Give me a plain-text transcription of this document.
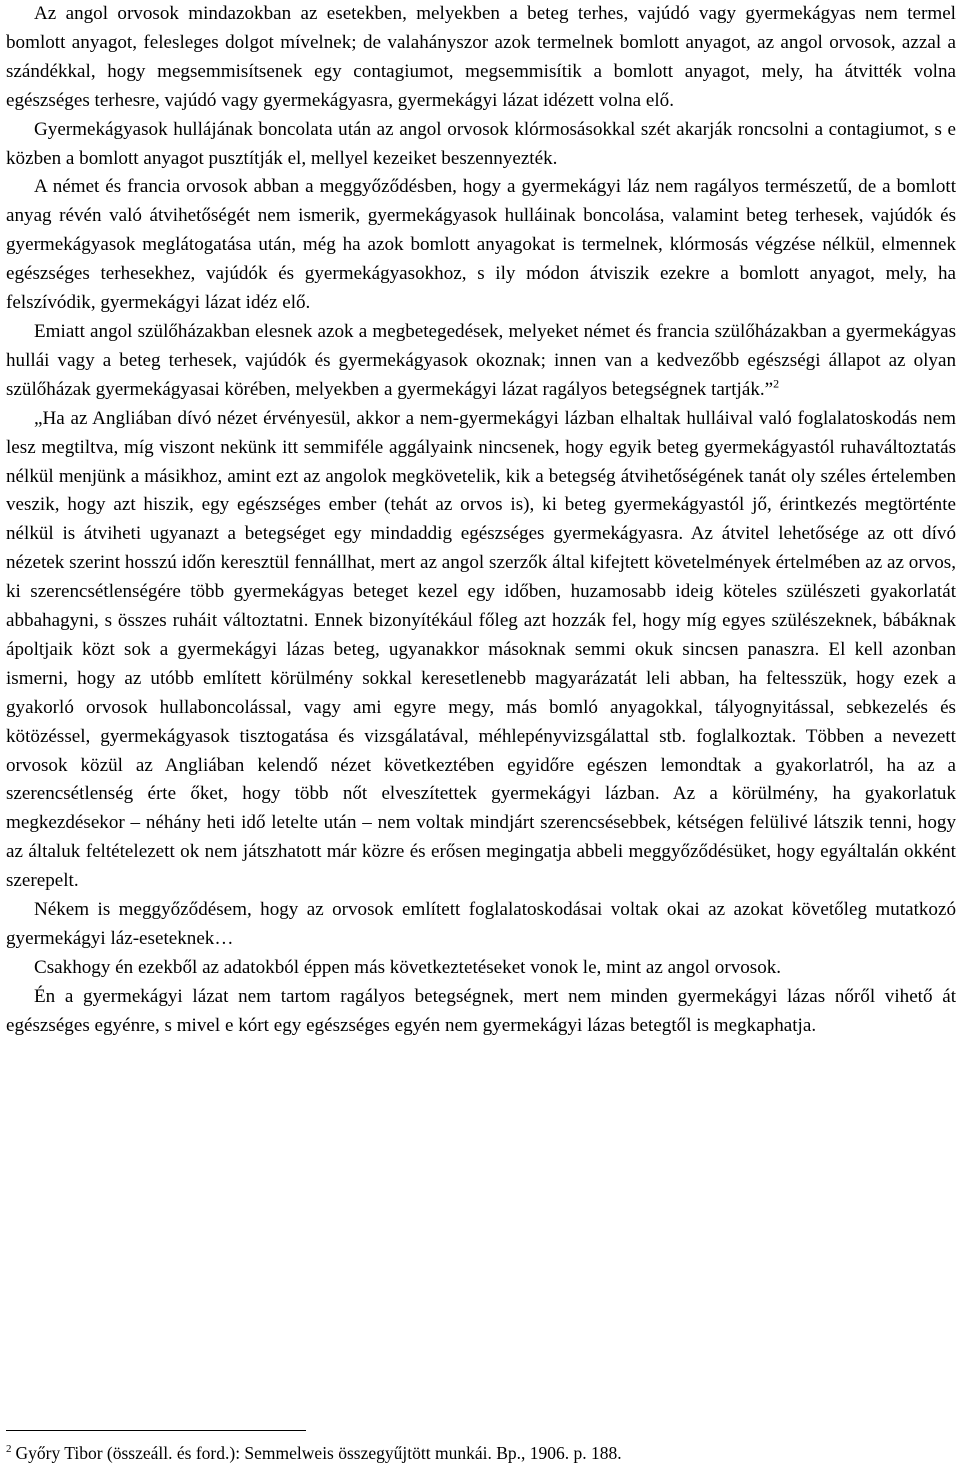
Az angol orvosok mindazokban az esetekben, melyekben a beteg terhes, vajúdó vagy gyermekágyas nem termel bomlott anyagot, felesleges dolgot mívelnek; de valahányszor azok termelnek bomlott anyagot, az angol orvosok, azzal a szándékkal, hogy megsemmisítsenek egy contagiumot, megsemmisítik a bomlott anyagot, mely, ha átvitték volna egészséges terhesre, vajúdó vagy gyermekágyasra, gyermekágyi lázat idézett volna elő.

Gyermekágyasok hullájának boncolata után az angol orvosok klórmosásokkal szét akarják roncsolni a contagiumot, s e közben a bomlott anyagot pusztítják el, mellyel kezeiket beszennyezték.

A német és francia orvosok abban a meggyőződésben, hogy a gyermekágyi láz nem ragályos természetű, de a bomlott anyag révén való átvihetőségét nem ismerik, gyermekágyasok hulláinak boncolása, valamint beteg terhesek, vajúdók és gyermekágyasok meglátogatása után, még ha azok bomlott anyagokat is termelnek, klórmosás végzése nélkül, elmennek egészséges terhesekhez, vajúdók és gyermekágyasokhoz, s ily módon átviszik ezekre a bomlott anyagot, mely, ha felszívódik, gyermekágyi lázat idéz elő.

Emiatt angol szülőházakban elesnek azok a megbetegedések, melyeket német és francia szülőházakban a gyermekágyas hullái vagy a beteg terhesek, vajúdók és gyermekágyasok okoznak; innen van a kedvezőbb egészségi állapot az olyan szülőházak gyermekágyasai körében, melyekben a gyermekágyi lázat ragályos betegségnek tartják.”$^2$

„Ha az Angliában dívó nézet érvényesül, akkor a nem-gyermekágyi lázban elhaltak hulláival való foglalatoskodás nem lesz megtiltva, míg viszont nekünk itt semmiféle aggályaink nincsenek, hogy egyik beteg gyermekágyastól ruhaváltoztatás nélkül menjünk a másikhoz, amint ezt az angolok megkövetelik, kik a betegség átvihetőségének tanát oly széles értelemben veszik, hogy azt hiszik, egy egészséges ember (tehát az orvos is), ki beteg gyermekágyastól jő, érintkezés megtörténte nélkül is átviheti ugyanazt a betegséget egy mindaddig egészséges gyermekágyasra. Az átvitel lehetősége az ott dívó nézetek szerint hosszú időn keresztül fennállhat, mert az angol szerzők által kifejtett követelmények értelmében az az orvos, ki szerencsétlenségére több gyermekágyas beteget kezel egy időben, huzamosabb ideig köteles szülészeti gyakorlatát abbahagyni, s összes ruháit változtatni. Ennek bizonyítékául főleg azt hozzák fel, hogy míg egyes szülészeknek, bábáknak ápoltjaik közt sok a gyermekágyi lázas beteg, ugyanakkor másoknak semmi okuk sincsen panaszra. El kell azonban ismerni, hogy az utóbb említett körülmény sokkal keresetlenebb magyarázatát leli abban, ha feltesszük, hogy ezek a gyakorló orvosok hullaboncolással, vagy ami egyre megy, más bomló anyagokkal, tályognyitással, sebkezelés és kötözéssel, gyermekágyasok tisztogatása és vizsgálatával, méhlepényvizsgálattal stb. foglalkoztak. Többen a nevezett orvosok közül az Angliában kelendő nézet következtében egyidőre egészen lemondtak a gyakorlatról, ha az a szerencsétlenség érte őket, hogy több nőt elveszítettek gyermekágyi lázban. Az a körülmény, ha gyakorlatuk megkezdésekor – néhány heti idő letelte után – nem voltak mindjárt szerencsésebbek, kétségen felülivé látszik tenni, hogy az általuk feltételezett ok nem játszhatott már közre és erősen megingatja abbeli meggyőződésüket, hogy egyáltalán okként szerepelt.

Nékem is meggyőződésem, hogy az orvosok említett foglalatoskodásai voltak okai az azokat követőleg mutatkozó gyermekágyi láz-eseteknek…

Csakhogy én ezekből az adatokból éppen más következtetéseket vonok le, mint az angol orvosok.

Én a gyermekágyi lázat nem tartom ragályos betegségnek, mert nem minden gyermekágyi lázas nőről vihető át egészséges egyénre, s mivel e kórt egy egészséges egyén nem gyermekágyi lázas betegtől is megkaphatja.

$^2$ Győry Tibor (összeáll. és ford.): Semmelweis összegyűjtött munkái. Bp., 1906. p. 188.
